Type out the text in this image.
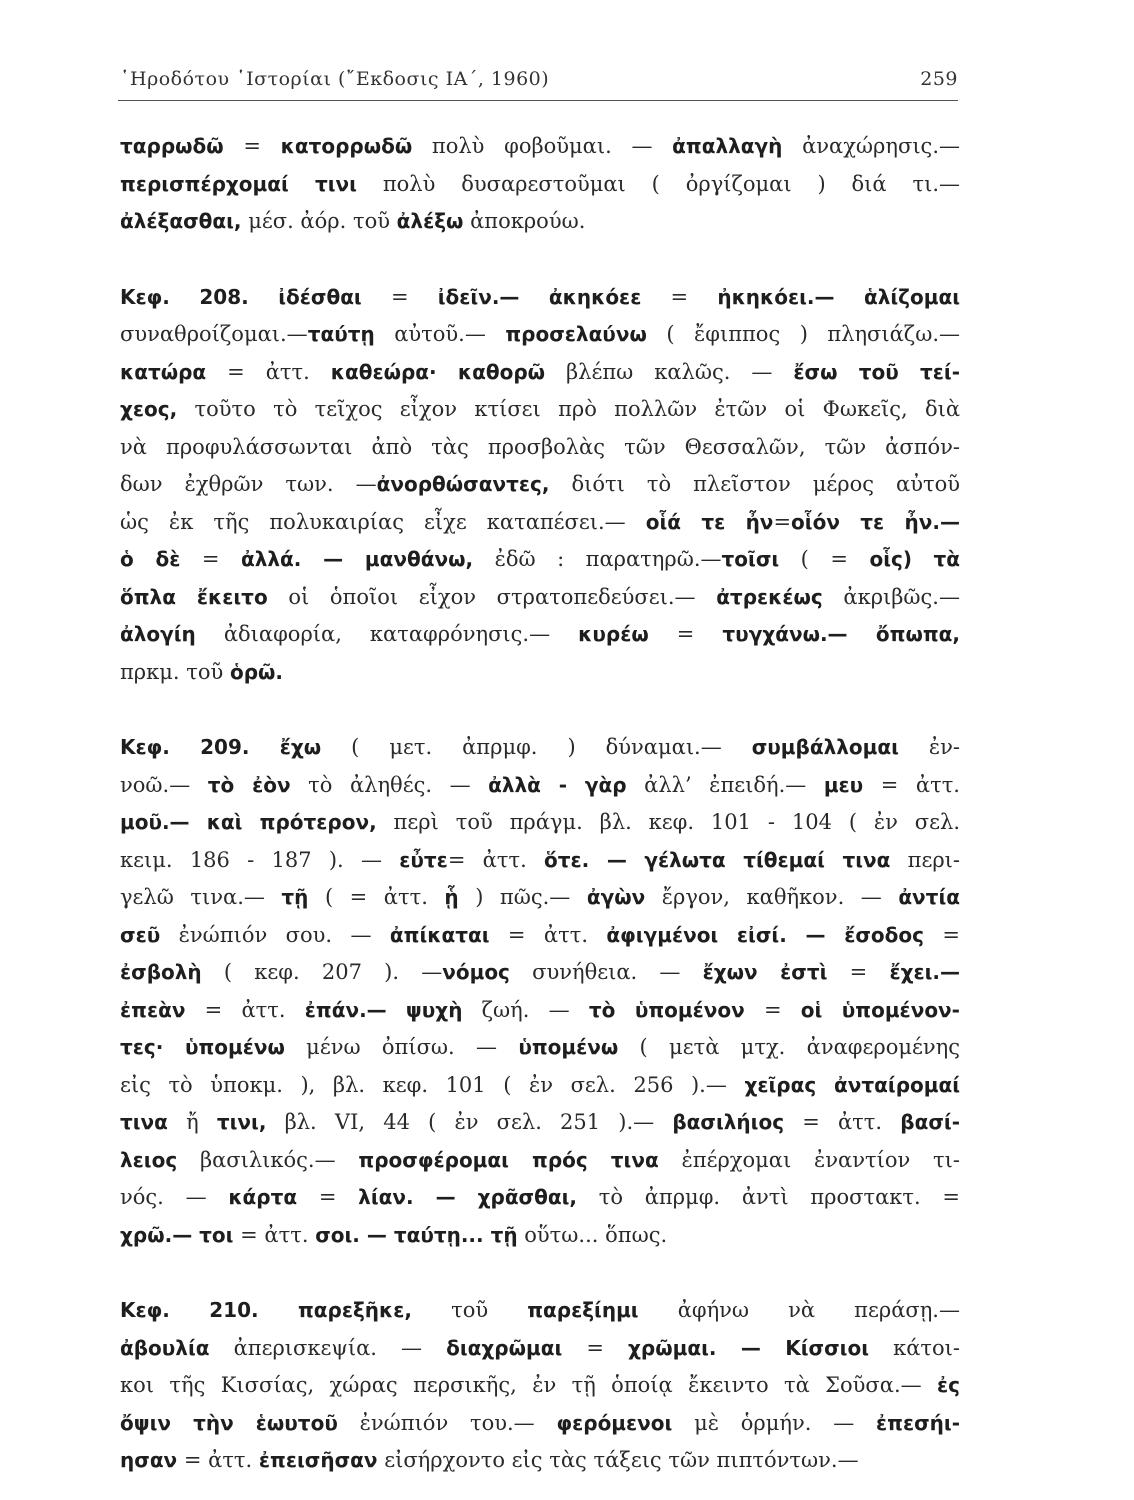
῾Ηροδότου ῾Ιστορίαι (῎Εκδοσις ΙΑ΄, 1960)	259
ταρρωδῶ = κατορρωδῶ πολὺ φοβοῦμαι. — ἀπαλλαγὴ ἀναχώρησις.—
περισπέρχομαί τινι πολὺ δυσαρεστοῦμαι ( ὀργίζομαι ) διά τι.—
ἀλέξασθαι, μέσ. ἀόρ. τοῦ ἀλέξω ἀποκρούω.
Κεφ. 208. ἰδέσθαι = ἰδεῖν.— ἀκηκόεε = ἠκηκόει.— ἁλίζομαι
συναθροίζομαι.—ταύτῃ αὐτοῦ.— προσελαύνω ( ἔφιππος ) πλησιάζω.—
κατώρα = ἀττ. καθεώρα· καθορῶ βλέπω καλῶς. — ἔσω τοῦ τεί-
χεος, τοῦτο τὸ τεῖχος εἶχον κτίσει πρὸ πολλῶν ἐτῶν οἱ Φωκεῖς, διὰ
νὰ προφυλάσσωνται ἀπὸ τὰς προσβολὰς τῶν Θεσσαλῶν, τῶν ἀσπόν-
δων ἐχθρῶν των. —ἀνορθώσαντες, διότι τὸ πλεῖστον μέρος αὐτοῦ
ὡς ἐκ τῆς πολυκαιρίας εἶχε καταπέσει.— οἷά τε ἦν=οἷόν τε ἦν.—
ὁ δὲ = ἀλλά. — μανθάνω, ἐδῶ : παρατηρῶ.—τοῖσι ( = οἷς) τὰ
ὅπλα ἔκειτο οἱ ὁποῖοι εἶχον στρατοπεδεύσει.— ἀτρεκέως ἀκριβῶς.—
ἀλογίη ἀδιαφορία, καταφρόνησις.— κυρέω = τυγχάνω.— ὄπωπα,
πρκμ. τοῦ ὁρῶ.
Κεφ. 209. ἔχω ( μετ. ἀπρμφ. ) δύναμαι.— συμβάλλομαι ἐν-
νοῶ.— τὸ ἐὸν τὸ ἀληθές. — ἀλλὰ - γὰρ ἀλλ’ ἐπειδή.— μευ = ἀττ.
μοῦ.— καὶ πρότερον, περὶ τοῦ πράγμ. βλ. κεφ. 101 - 104 ( ἐν σελ.
κειμ. 186 - 187 ). — εὖτε= ἀττ. ὅτε. — γέλωτα τίθεμαί τινα περι-
γελῶ τινα.— τῇ ( = ἀττ. ᾗ ) πῶς.— ἀγὼν ἔργον, καθῆκον. — ἀντία
σεῦ ἐνώπιόν σου. — ἀπίκαται = ἀττ. ἀφιγμένοι εἰσί. — ἔσοδος =
ἐσβολὴ ( κεφ. 207 ). —νόμος συνήθεια. — ἔχων ἐστὶ = ἔχει.—
ἐπεὰν = ἀττ. ἐπάν.— ψυχὴ ζωή. — τὸ ὑπομένον = οἱ ὑπομένον-
τες· ὑπομένω μένω ὀπίσω. — ὑπομένω ( μετὰ μτχ. ἀναφερομένης
εἰς τὸ ὑποκμ. ), βλ. κεφ. 101 ( ἐν σελ. 256 ).— χεῖρας ἀνταίρομαί
τινα ἤ τινι, βλ. VI, 44 ( ἐν σελ. 251 ).— βασιλήιος = ἀττ. βασί-
λειος βασιλικός.— προσφέρομαι πρός τινα ἐπέρχομαι ἐναντίον τι-
νός. — κάρτα = λίαν. — χρᾶσθαι, τὸ ἀπρμφ. ἀντὶ προστακτ. =
χρῶ.— τοι = ἀττ. σοι. — ταύτῃ... τῇ οὕτω... ὅπως.
Κεφ. 210. παρεξῆκε, τοῦ παρεξίημι ἀφήνω νὰ περάσῃ.—
ἀβουλία ἀπερισκεψία. — διαχρῶμαι = χρῶμαι. — Κίσσιοι κάτοι-
κοι τῆς Κισσίας, χώρας περσικῆς, ἐν τῇ ὁποίᾳ ἔκειντο τὰ Σοῦσα.— ἐς
ὄψιν τὴν ἑωυτοῦ ἐνώπιόν του.— φερόμενοι μὲ ὁρμήν. — ἐπεσήι-
ησαν = ἀττ. ἐπεισῆσαν εἰσήρχοντο εἰς τὰς τάξεις τῶν πιπτόντων.—
